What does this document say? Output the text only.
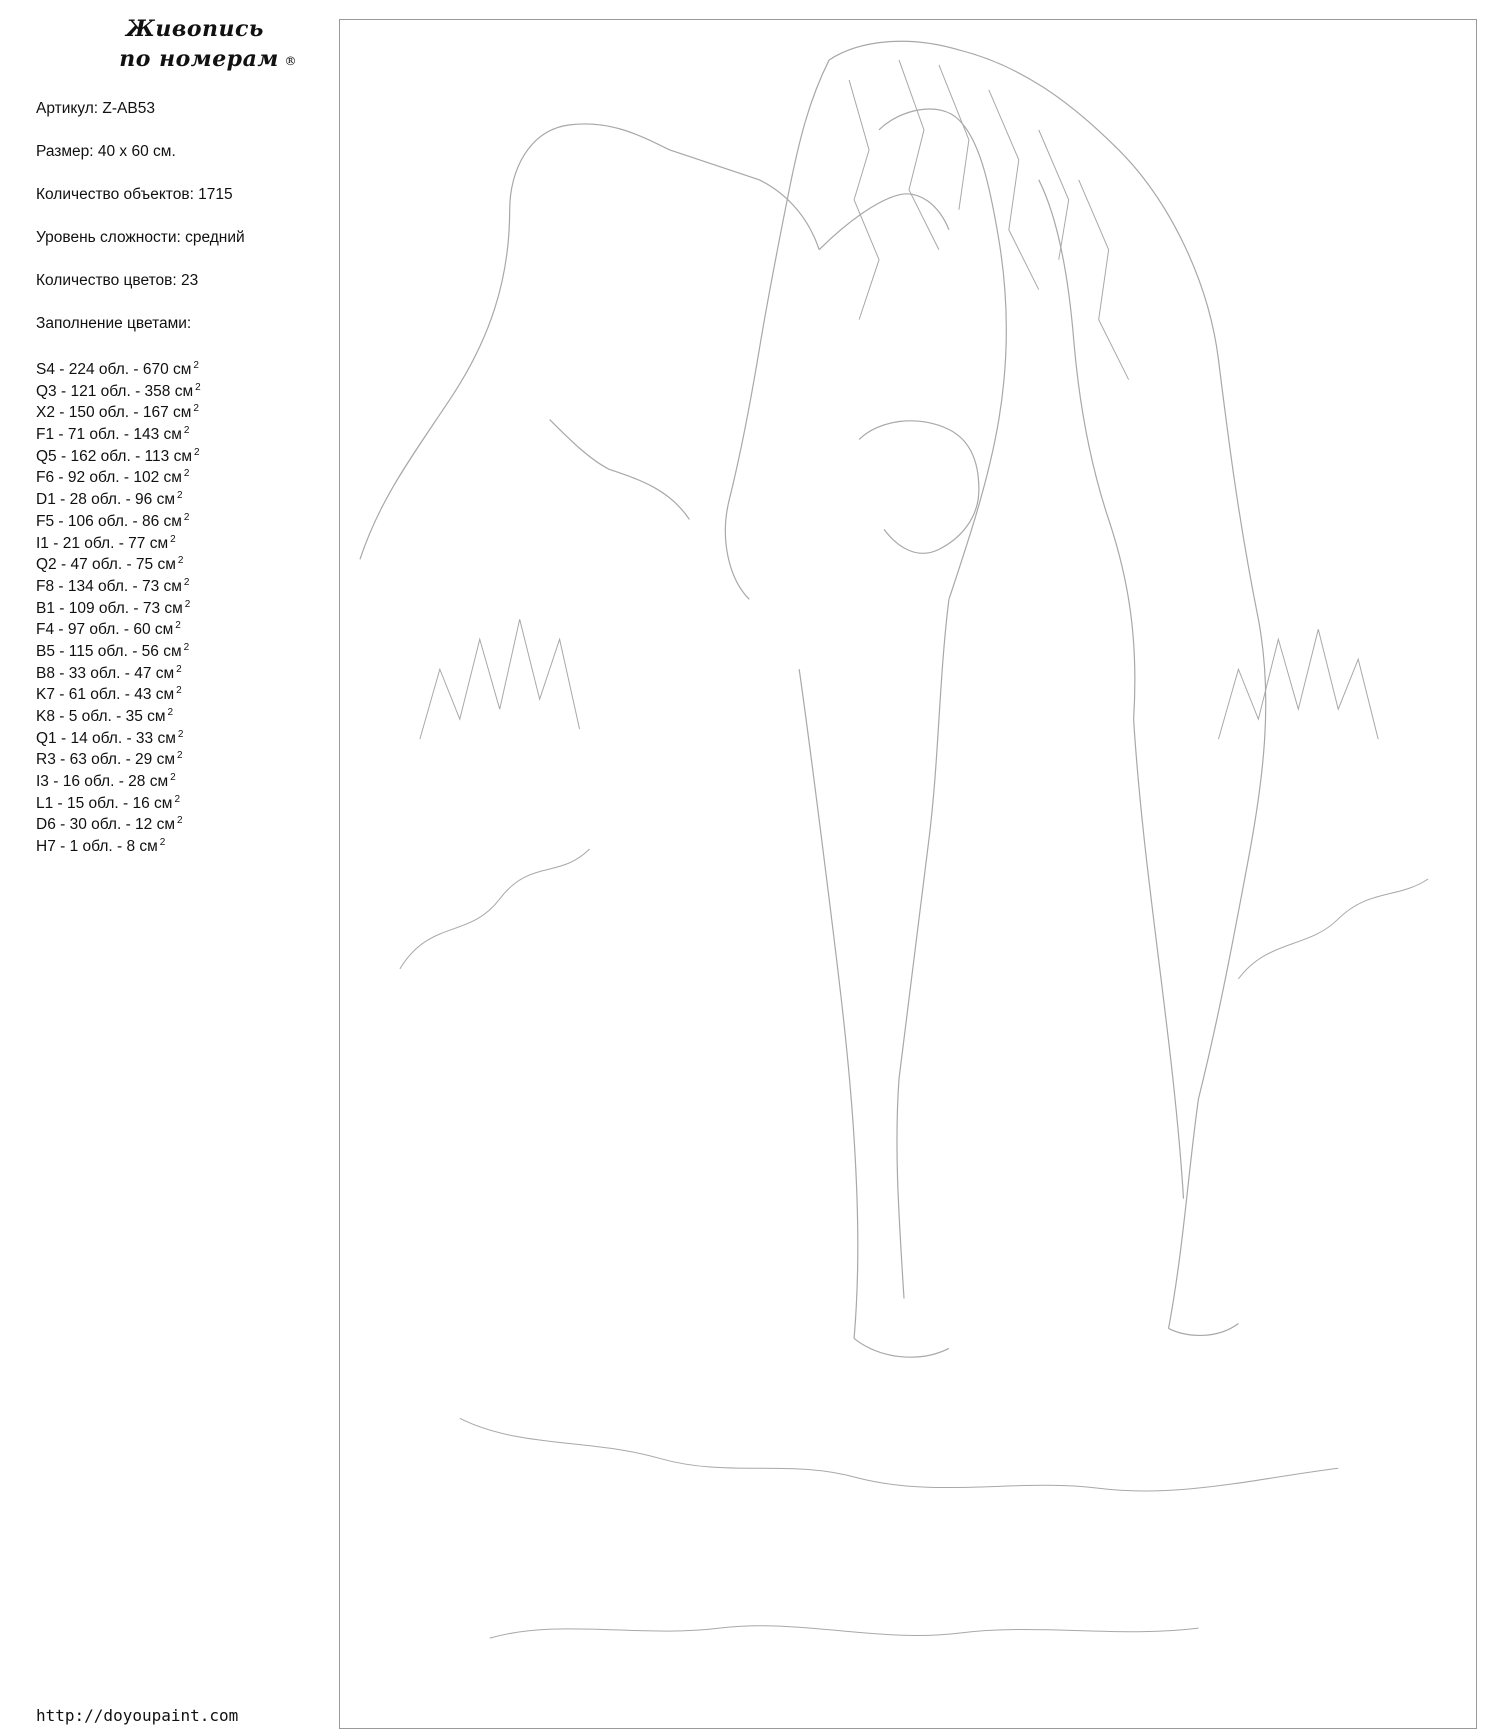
Живопись
по номерам ®
Артикул: Z-AB53
Размер: 40 x 60 см.
Количество объектов: 1715
Уровень сложности: средний
Количество цветов: 23
Заполнение цветами:
S4 - 224 обл. - 670 см $^2$
Q3 - 121 обл. - 358 см $^2$
X2 - 150 обл. - 167 см $^2$
F1 - 71 обл. - 143 см $^2$
Q5 - 162 обл. - 113 см $^2$
F6 - 92 обл. - 102 см $^2$
D1 - 28 обл. - 96 см $^2$
F5 - 106 обл. - 86 см $^2$
I1 - 21 обл. - 77 см $^2$
Q2 - 47 обл. - 75 см $^2$
F8 - 134 обл. - 73 см $^2$
B1 - 109 обл. - 73 см $^2$
F4 - 97 обл. - 60 см $^2$
B5 - 115 обл. - 56 см $^2$
B8 - 33 обл. - 47 см $^2$
K7 - 61 обл. - 43 см $^2$
K8 - 5 обл. - 35 см $^2$
Q1 - 14 обл. - 33 см $^2$
R3 - 63 обл. - 29 см $^2$
I3 - 16 обл. - 28 см $^2$
L1 - 15 обл. - 16 см $^2$
D6 - 30 обл. - 12 см $^2$
H7 - 1 обл. - 8 см $^2$
http://doyoupaint.com
